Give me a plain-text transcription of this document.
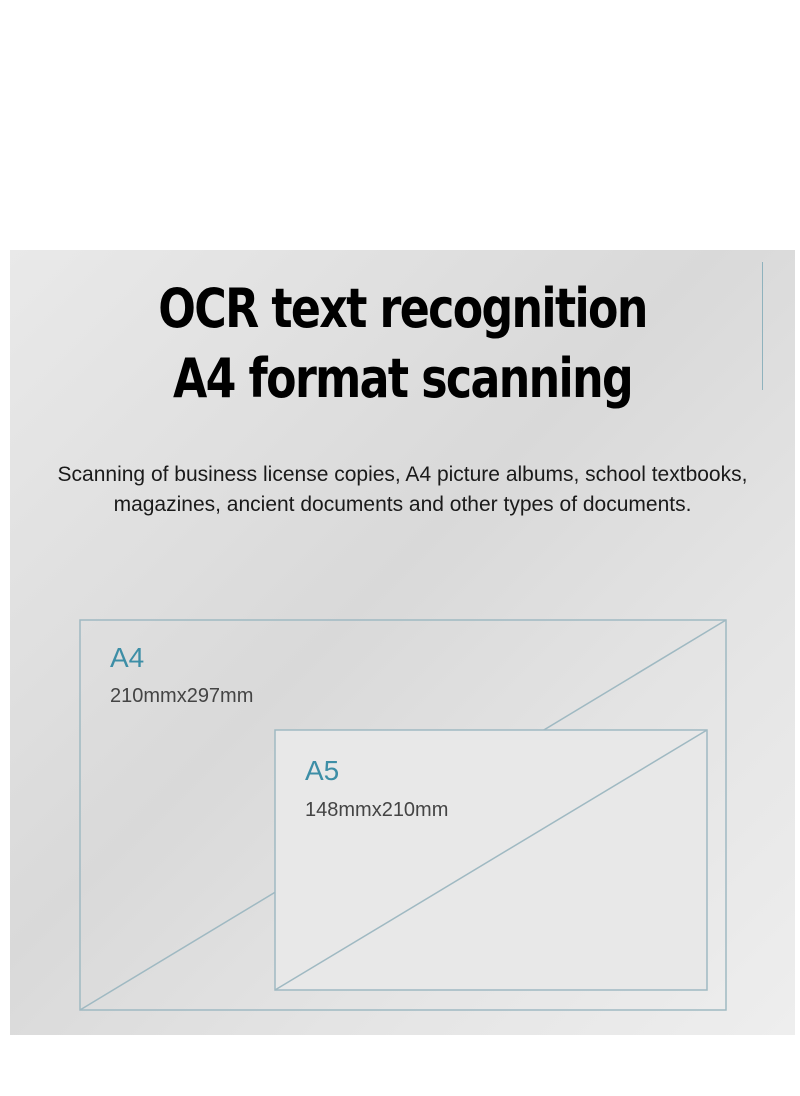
OCR text recognition
A4 format scanning
Scanning of business license copies, A4 picture albums, school textbooks, magazines, ancient documents and other types of documents.
A4
210mmx297mm
A5
148mmx210mm
